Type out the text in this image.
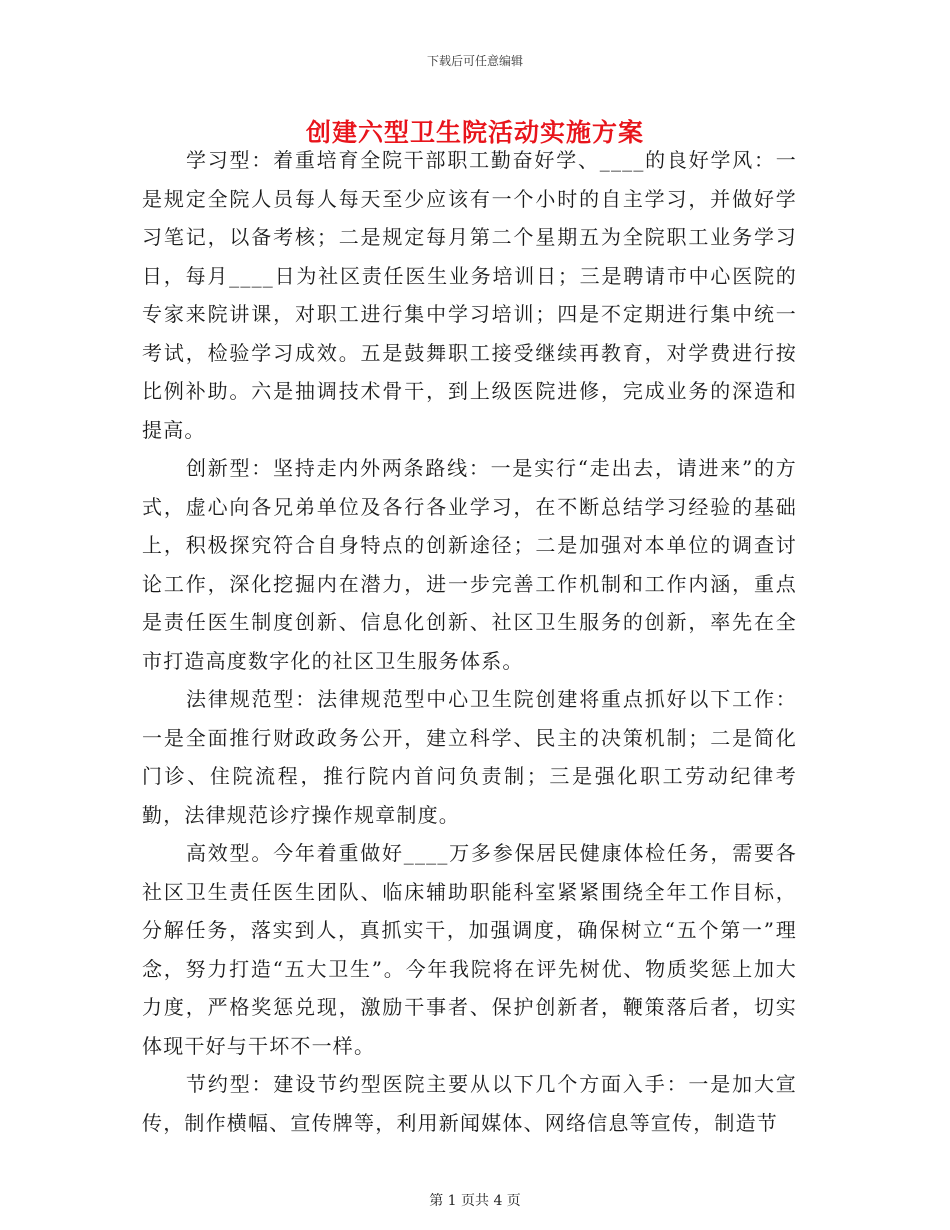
下载后可任意编辑
创建六型卫生院活动实施方案

学习型：着重培育全院干部职工勤奋好学、____的良好学风：一是规定全院人员每人每天至少应该有一个小时的自主学习，并做好学习笔记，以备考核；二是规定每月第二个星期五为全院职工业务学习日，每月____日为社区责任医生业务培训日；三是聘请市中心医院的专家来院讲课，对职工进行集中学习培训；四是不定期进行集中统一考试，检验学习成效。五是鼓舞职工接受继续再教育，对学费进行按比例补助。六是抽调技术骨干，到上级医院进修，完成业务的深造和提高。

创新型：坚持走内外两条路线：一是实行“走出去，请进来”的方式，虚心向各兄弟单位及各行各业学习，在不断总结学习经验的基础上，积极探究符合自身特点的创新途径；二是加强对本单位的调查讨论工作，深化挖掘内在潜力，进一步完善工作机制和工作内涵，重点是责任医生制度创新、信息化创新、社区卫生服务的创新，率先在全市打造高度数字化的社区卫生服务体系。

法律规范型：法律规范型中心卫生院创建将重点抓好以下工作：一是全面推行财政政务公开，建立科学、民主的决策机制；二是简化门诊、住院流程，推行院内首问负责制；三是强化职工劳动纪律考勤，法律规范诊疗操作规章制度。

高效型。今年着重做好____万多参保居民健康体检任务，需要各社区卫生责任医生团队、临床辅助职能科室紧紧围绕全年工作目标，分解任务，落实到人，真抓实干，加强调度，确保树立“五个第一”理念，努力打造“五大卫生”。今年我院将在评先树优、物质奖惩上加大力度，严格奖惩兑现，激励干事者、保护创新者，鞭策落后者，切实体现干好与干坏不一样。

节约型：建设节约型医院主要从以下几个方面入手：一是加大宣传，制作横幅、宣传牌等，利用新闻媒体、网络信息等宣传，制造节

第 1 页共 4 页
